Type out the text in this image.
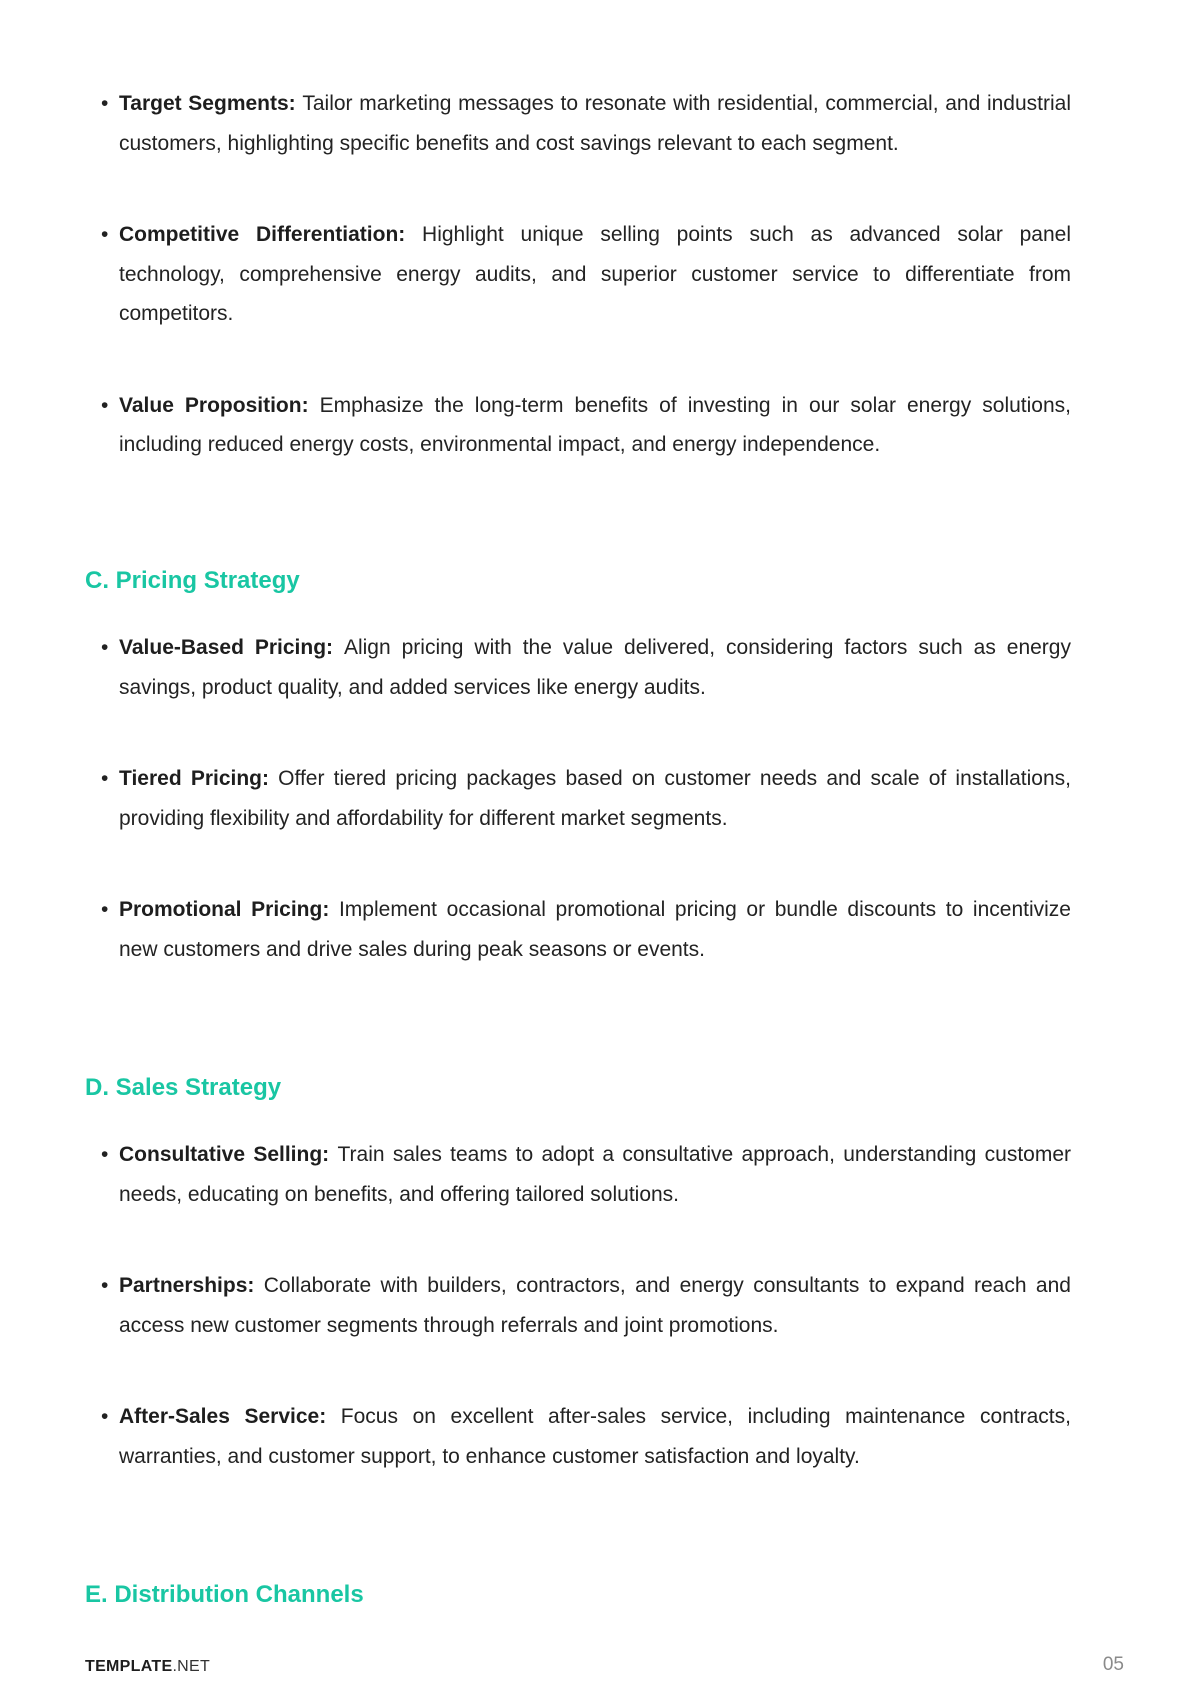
• Target Segments: Tailor marketing messages to resonate with residential, commercial, and industrial customers, highlighting specific benefits and cost savings relevant to each segment.
• Competitive Differentiation: Highlight unique selling points such as advanced solar panel technology, comprehensive energy audits, and superior customer service to differentiate from competitors.
• Value Proposition: Emphasize the long-term benefits of investing in our solar energy solutions, including reduced energy costs, environmental impact, and energy independence.
C. Pricing Strategy
• Value-Based Pricing: Align pricing with the value delivered, considering factors such as energy savings, product quality, and added services like energy audits.
• Tiered Pricing: Offer tiered pricing packages based on customer needs and scale of installations, providing flexibility and affordability for different market segments.
• Promotional Pricing: Implement occasional promotional pricing or bundle discounts to incentivize new customers and drive sales during peak seasons or events.
D. Sales Strategy
• Consultative Selling: Train sales teams to adopt a consultative approach, understanding customer needs, educating on benefits, and offering tailored solutions.
• Partnerships: Collaborate with builders, contractors, and energy consultants to expand reach and access new customer segments through referrals and joint promotions.
• After-Sales Service: Focus on excellent after-sales service, including maintenance contracts, warranties, and customer support, to enhance customer satisfaction and loyalty.
E. Distribution Channels
TEMPLATE.NET	05
